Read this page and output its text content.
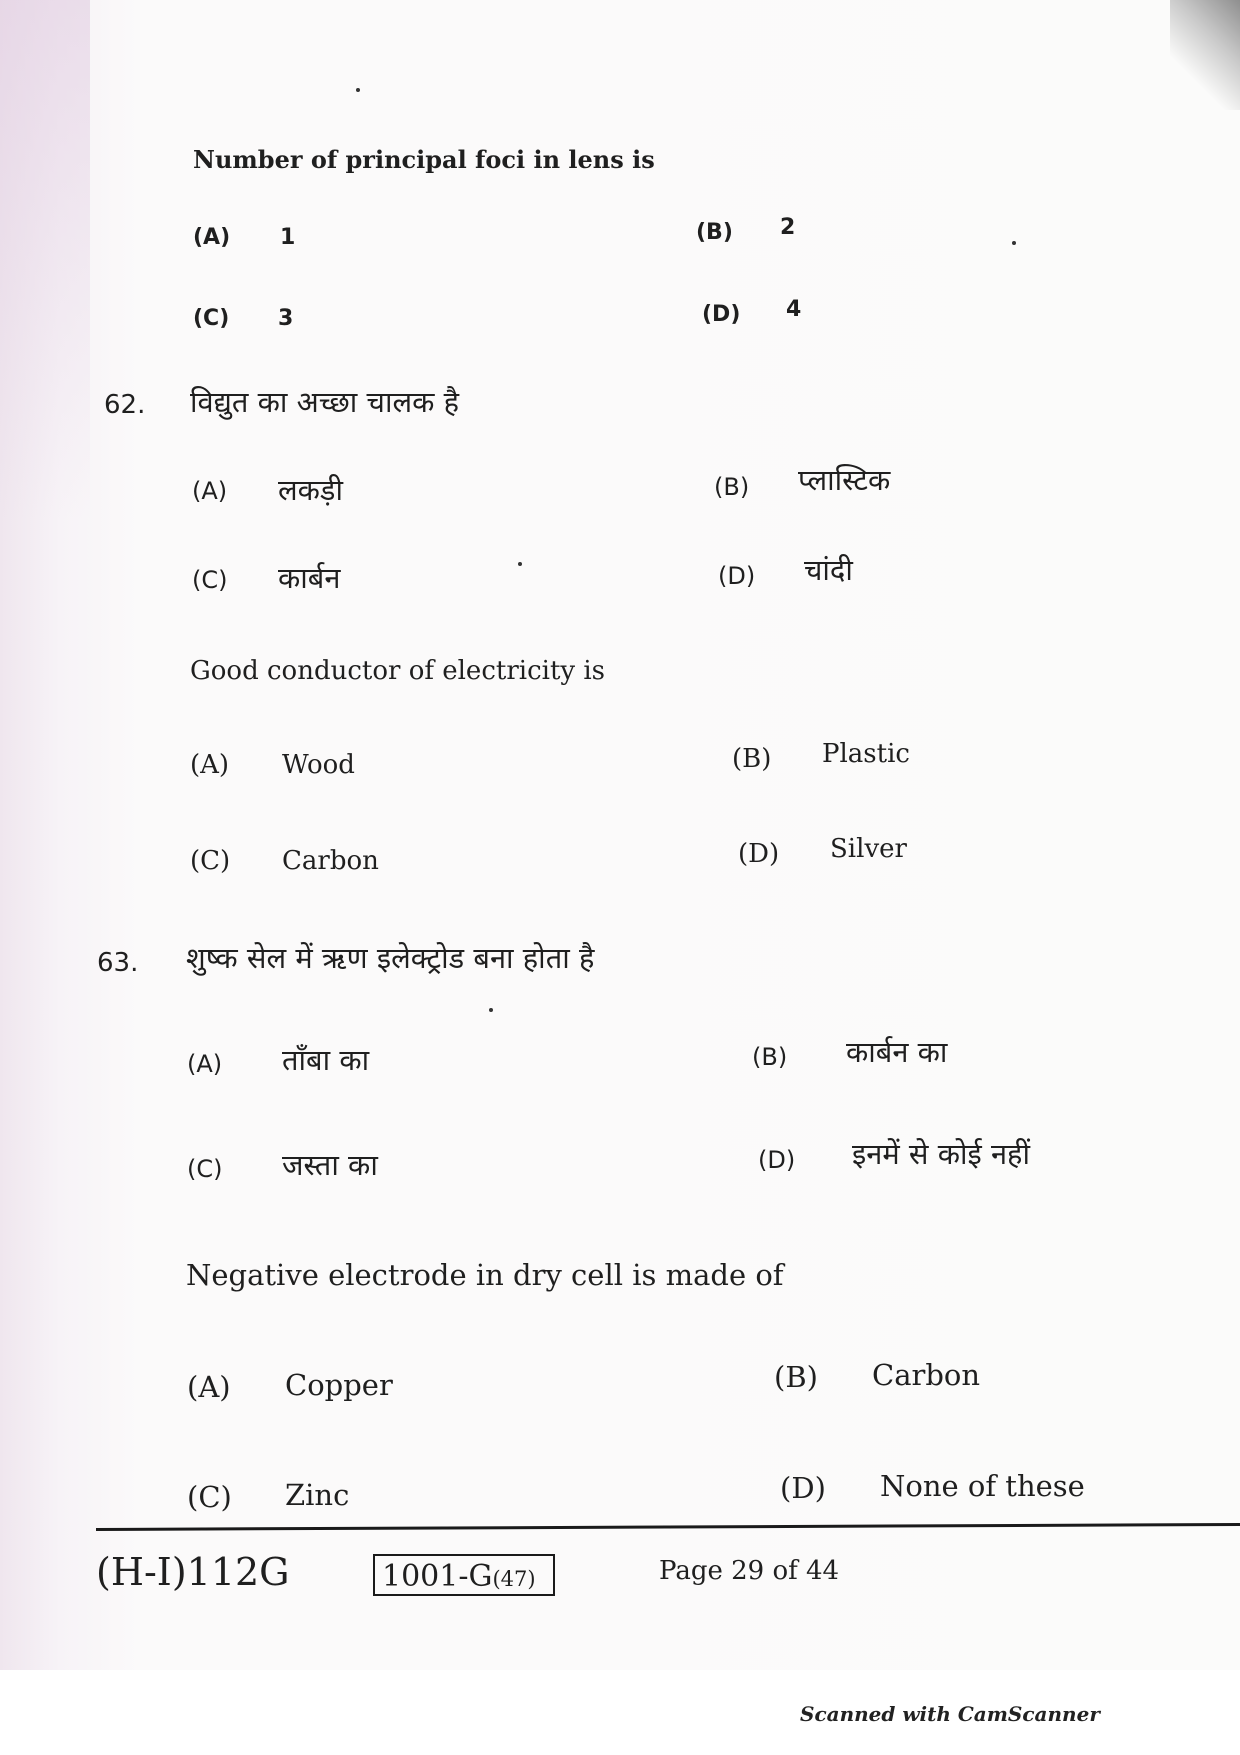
Number of principal foci in lens is
(A) 1	(B) 2
(C) 3	(D) 4
62. विद्युत का अच्छा चालक है
(A) लकड़ी	(B) प्लास्टिक
(C) कार्बन	(D) चांदी
Good conductor of electricity is
(A) Wood	(B) Plastic
(C) Carbon	(D) Silver
63. शुष्क सेल में ऋण इलेक्ट्रोड बना होता है
(A) ताँबा का	(B) कार्बन का
(C) जस्ता का	(D) इनमें से कोई नहीं
Negative electrode in dry cell is made of
(A) Copper	(B) Carbon
(C) Zinc	(D) None of these
(H-I)112G	1001-G(47)	Page 29 of 44
Scanned with CamScanner
